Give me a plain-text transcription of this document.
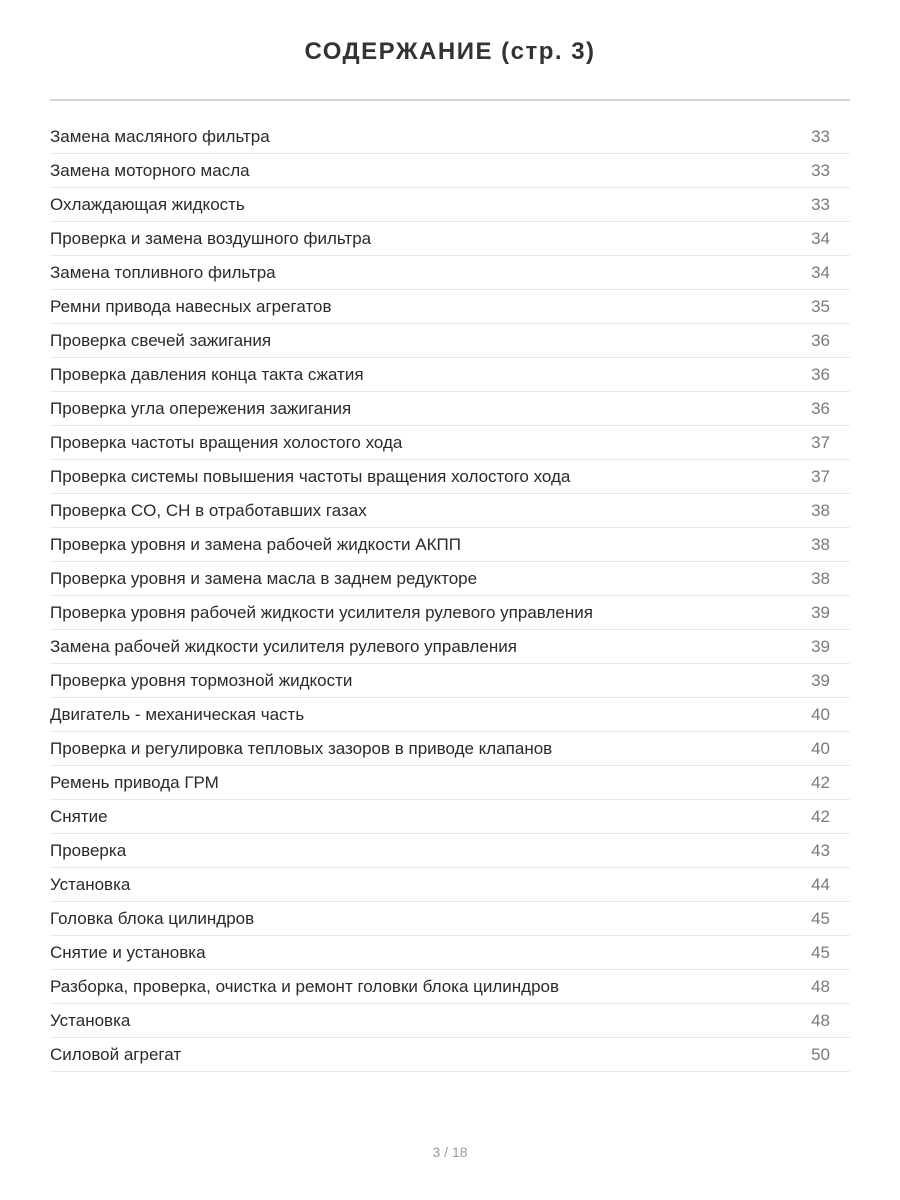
СОДЕРЖАНИЕ (стр. 3)
Замена масляного фильтра	33
Замена моторного масла	33
Охлаждающая жидкость	33
Проверка и замена воздушного фильтра	34
Замена топливного фильтра	34
Ремни привода навесных агрегатов	35
Проверка свечей зажигания	36
Проверка давления конца такта сжатия	36
Проверка угла опережения зажигания	36
Проверка частоты вращения холостого хода	37
Проверка системы повышения частоты вращения холостого хода	37
Проверка CO, CH в отработавших газах	38
Проверка уровня и замена рабочей жидкости АКПП	38
Проверка уровня и замена масла в заднем редукторе	38
Проверка уровня рабочей жидкости усилителя рулевого управления	39
Замена рабочей жидкости усилителя рулевого управления	39
Проверка уровня тормозной жидкости	39
Двигатель - механическая часть	40
Проверка и регулировка тепловых зазоров в приводе клапанов	40
Ремень привода ГРМ	42
Снятие	42
Проверка	43
Установка	44
Головка блока цилиндров	45
Снятие и установка	45
Разборка, проверка, очистка и ремонт головки блока цилиндров	48
Установка	48
Силовой агрегат	50
3 / 18
